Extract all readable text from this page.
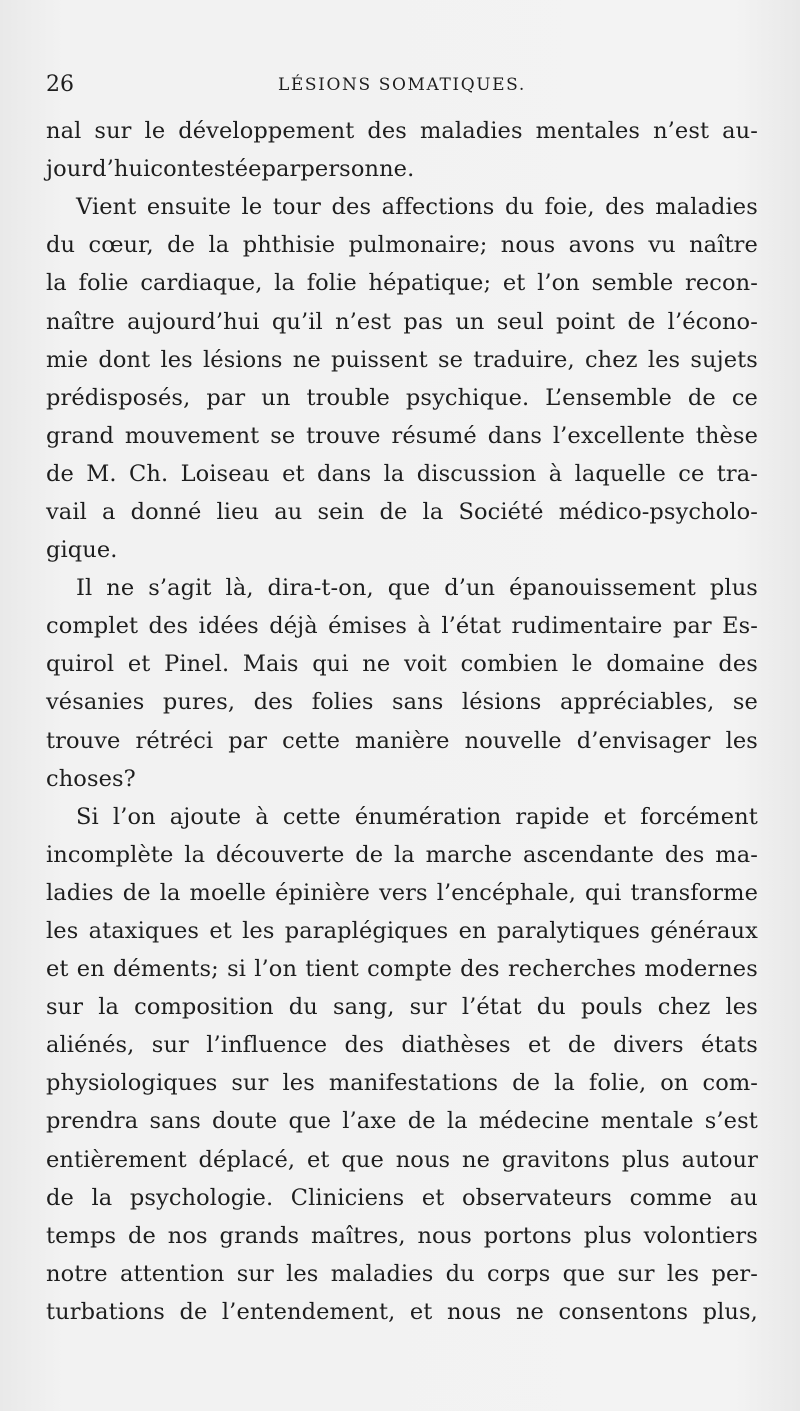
26	LÉSIONS SOMATIQUES.
nal sur le développement des maladies mentales n’est au-
jourd’hui contestée par personne.
Vient ensuite le tour des affections du foie, des maladies
du cœur, de la phthisie pulmonaire; nous avons vu naître
la folie cardiaque, la folie hépatique; et l’on semble recon-
naître aujourd’hui qu’il n’est pas un seul point de l’écono-
mie dont les lésions ne puissent se traduire, chez les sujets
prédisposés, par un trouble psychique. L’ensemble de ce
grand mouvement se trouve résumé dans l’excellente thèse
de M. Ch. Loiseau et dans la discussion à laquelle ce tra-
vail a donné lieu au sein de la Société médico-psycholo-
gique.
Il ne s’agit là, dira-t-on, que d’un épanouissement plus
complet des idées déjà émises à l’état rudimentaire par Es-
quirol et Pinel. Mais qui ne voit combien le domaine des
vésanies pures, des folies sans lésions appréciables, se
trouve rétréci par cette manière nouvelle d’envisager les
choses?
Si l’on ajoute à cette énumération rapide et forcément
incomplète la découverte de la marche ascendante des ma-
ladies de la moelle épinière vers l’encéphale, qui transforme
les ataxiques et les paraplégiques en paralytiques généraux
et en déments; si l’on tient compte des recherches modernes
sur la composition du sang, sur l’état du pouls chez les
aliénés, sur l’influence des diathèses et de divers états
physiologiques sur les manifestations de la folie, on com-
prendra sans doute que l’axe de la médecine mentale s’est
entièrement déplacé, et que nous ne gravitons plus autour
de la psychologie. Cliniciens et observateurs comme au
temps de nos grands maîtres, nous portons plus volontiers
notre attention sur les maladies du corps que sur les per-
turbations de l’entendement, et nous ne consentons plus,
